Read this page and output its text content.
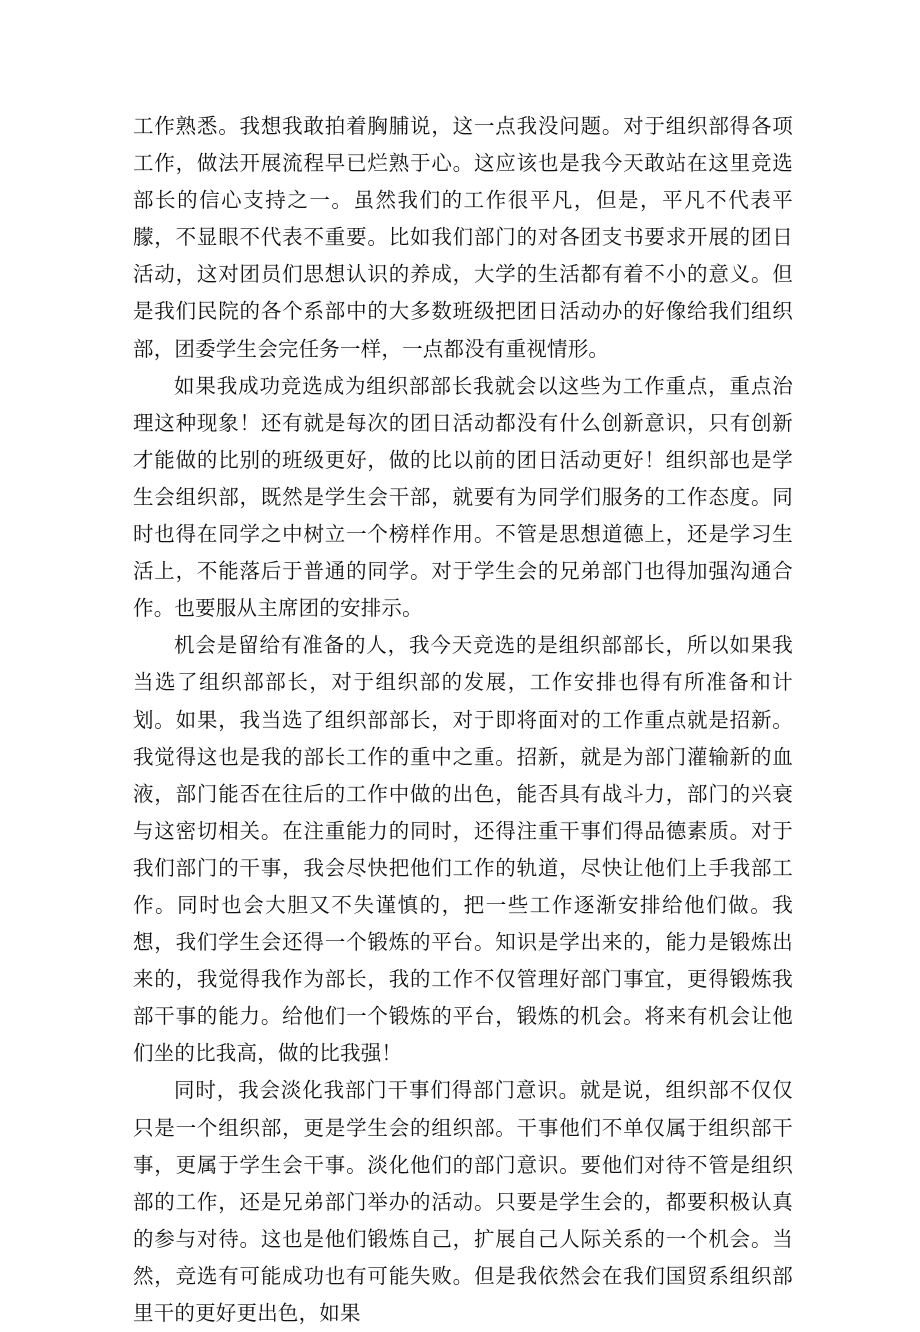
工作熟悉。我想我敢拍着胸脯说，这一点我没问题。对于组织部得各项工作，做法开展流程早已烂熟于心。这应该也是我今天敢站在这里竞选部长的信心支持之一。虽然我们的工作很平凡，但是，平凡不代表平朦，不显眼不代表不重要。比如我们部门的对各团支书要求开展的团日活动，这对团员们思想认识的养成，大学的生活都有着不小的意义。但是我们民院的各个系部中的大多数班级把团日活动办的好像给我们组织部，团委学生会完任务一样，一点都没有重视情形。

如果我成功竞选成为组织部部长我就会以这些为工作重点，重点治理这种现象！还有就是每次的团日活动都没有什么创新意识，只有创新才能做的比别的班级更好，做的比以前的团日活动更好！组织部也是学生会组织部，既然是学生会干部，就要有为同学们服务的工作态度。同时也得在同学之中树立一个榜样作用。不管是思想道德上，还是学习生活上，不能落后于普通的同学。对于学生会的兄弟部门也得加强沟通合作。也要服从主席团的安排示。

机会是留给有准备的人，我今天竞选的是组织部部长，所以如果我当选了组织部部长，对于组织部的发展，工作安排也得有所准备和计划。如果，我当选了组织部部长，对于即将面对的工作重点就是招新。我觉得这也是我的部长工作的重中之重。招新，就是为部门灌输新的血液，部门能否在往后的工作中做的出色，能否具有战斗力，部门的兴衰与这密切相关。在注重能力的同时，还得注重干事们得品德素质。对于我们部门的干事，我会尽快把他们工作的轨道，尽快让他们上手我部工作。同时也会大胆又不失谨慎的，把一些工作逐渐安排给他们做。我想，我们学生会还得一个锻炼的平台。知识是学出来的，能力是锻炼出来的，我觉得我作为部长，我的工作不仅管理好部门事宜，更得锻炼我部干事的能力。给他们一个锻炼的平台，锻炼的机会。将来有机会让他们坐的比我高，做的比我强！

同时，我会淡化我部门干事们得部门意识。就是说，组织部不仅仅只是一个组织部，更是学生会的组织部。干事他们不单仅属于组织部干事，更属于学生会干事。淡化他们的部门意识。要他们对待不管是组织部的工作，还是兄弟部门举办的活动。只要是学生会的，都要积极认真的参与对待。这也是他们锻炼自己，扩展自己人际关系的一个机会。当然，竞选有可能成功也有可能失败。但是我依然会在我们国贸系组织部里干的更好更出色，如果
